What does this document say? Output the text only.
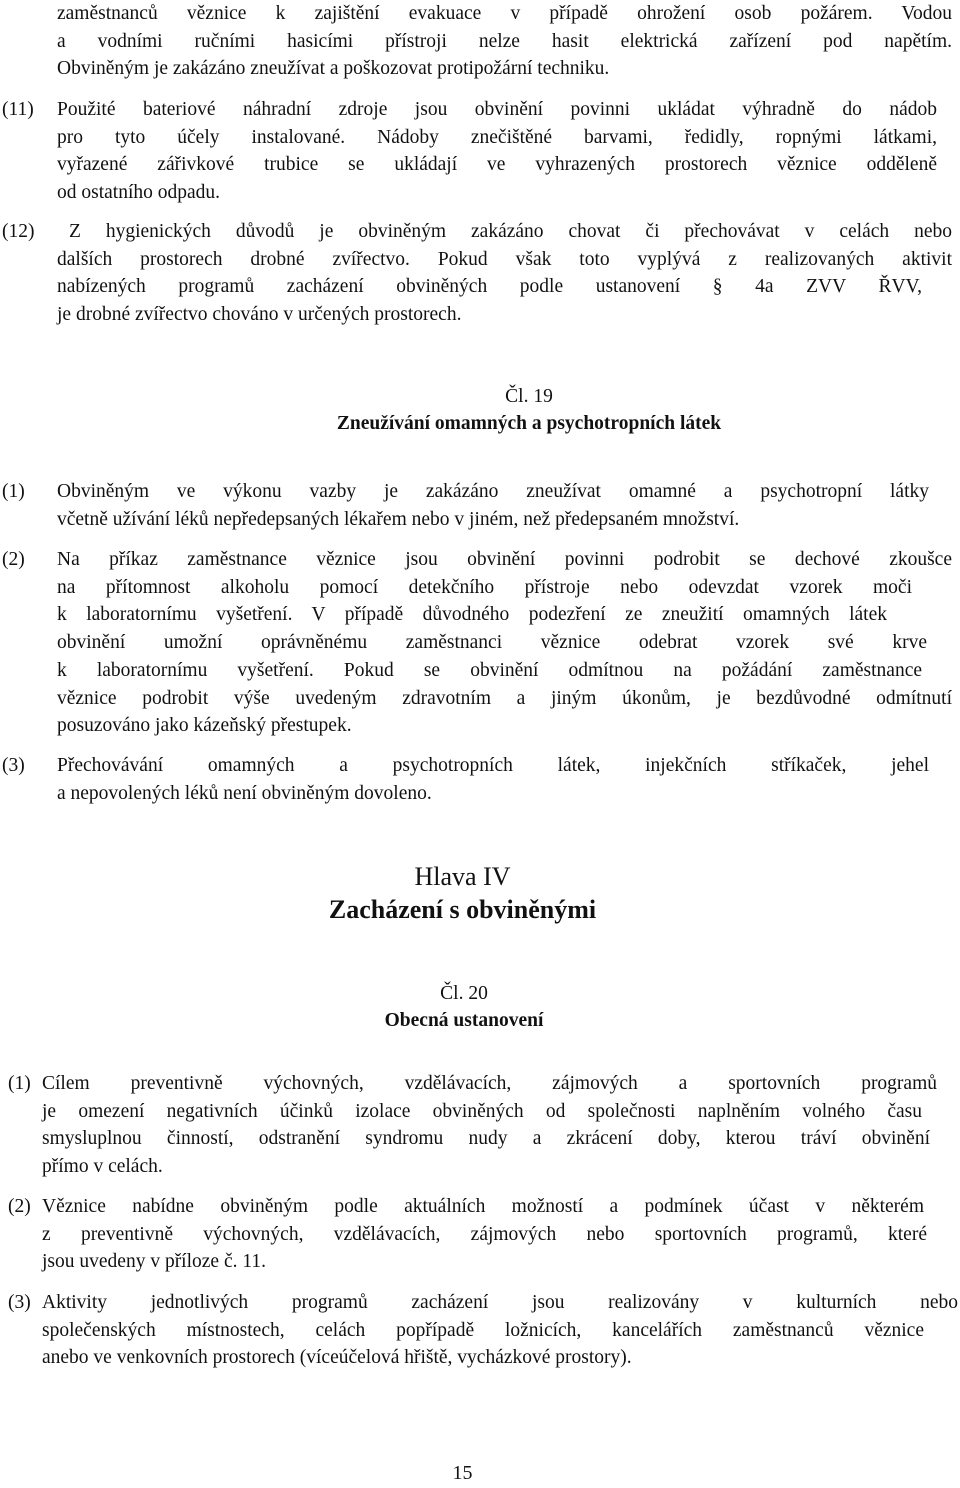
zaměstnanců věznice k zajištění evakuace v případě ohrožení osob požárem. Vodou
a vodními ručními hasicími přístroji nelze hasit elektrická zařízení pod napětím.
Obviněným je zakázáno zneužívat a poškozovat protipožární techniku.
(11) Použité bateriové náhradní zdroje jsou obvinění povinni ukládat výhradně do nádob
pro tyto účely instalované. Nádoby znečištěné barvami, ředidly, ropnými látkami,
vyřazené zářivkové trubice se ukládají ve vyhrazených prostorech věznice odděleně
od ostatního odpadu.
(12)	Z hygienických důvodů je obviněným zakázáno chovat či přechovávat v celách nebo
dalších prostorech drobné zvířectvo. Pokud však toto vyplývá z realizovaných aktivit
nabízených programů zacházení obviněných podle ustanovení § 4a ZVV ŘVV,
je drobné zvířectvo chováno v určených prostorech.
Čl. 19
Zneužívání omamných a psychotropních látek
(1) Obviněným ve výkonu vazby je zakázáno zneužívat omamné a psychotropní látky
včetně užívání léků nepředepsaných lékařem nebo v jiném, než předepsaném množství.
(2) Na příkaz zaměstnance věznice jsou obvinění povinni podrobit se dechové zkoušce
na přítomnost alkoholu pomocí detekčního přístroje nebo odevzdat vzorek moči
k laboratornímu vyšetření. V případě důvodného podezření ze zneužití omamných látek
obvinění umožní oprávněnému zaměstnanci věznice odebrat vzorek své krve
k laboratornímu vyšetření. Pokud se obvinění odmítnou na požádání zaměstnance
věznice podrobit výše uvedeným zdravotním a jiným úkonům, je bezdůvodné odmítnutí
posuzováno jako kázeňský přestupek.
(3) Přechovávání omamných a psychotropních látek, injekčních stříkaček, jehel
a nepovolených léků není obviněným dovoleno.
Hlava IV
Zacházení s obviněnými
Čl. 20
Obecná ustanovení
(1) Cílem preventivně výchovných, vzdělávacích, zájmových a sportovních programů
je omezení negativních účinků izolace obviněných od společnosti naplněním volného času
smysluplnou činností, odstranění syndromu nudy a zkrácení doby, kterou tráví obvinění
přímo v celách.
(2) Věznice nabídne obviněným podle aktuálních možností a podmínek účast v některém
z preventivně výchovných, vzdělávacích, zájmových nebo sportovních programů, které
jsou uvedeny v příloze č. 11.
(3) Aktivity jednotlivých programů zacházení jsou realizovány v kulturních nebo
společenských místnostech, celách popřípadě ložnicích, kancelářích zaměstnanců věznice
anebo ve venkovních prostorech (víceúčelová hřiště, vycházkové prostory).
15
